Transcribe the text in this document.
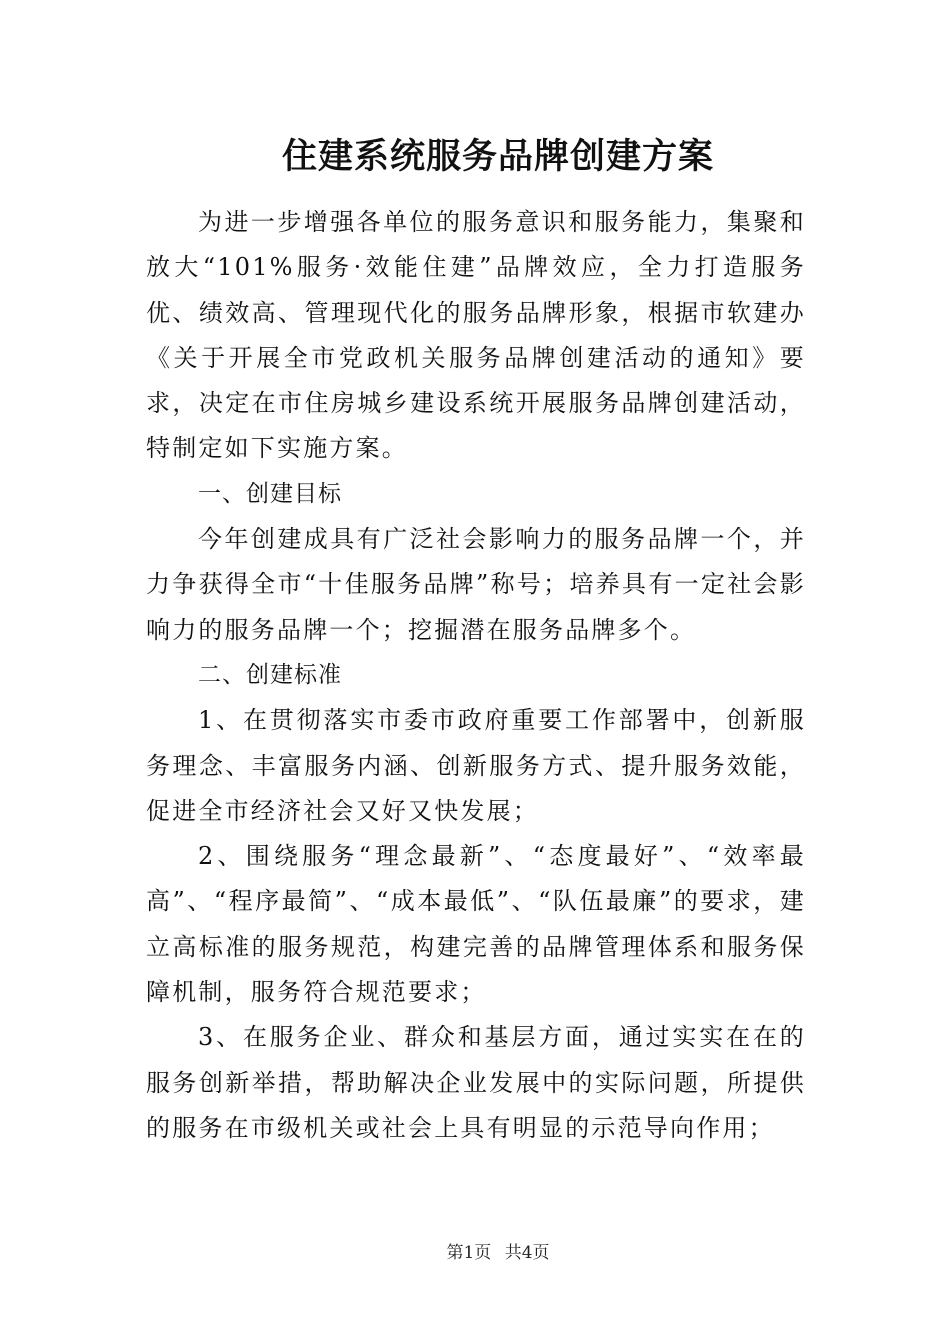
住建系统服务品牌创建方案

为进一步增强各单位的服务意识和服务能力，集聚和放大“101%服务·效能住建”品牌效应，全力打造服务优、绩效高、管理现代化的服务品牌形象，根据市软建办《关于开展全市党政机关服务品牌创建活动的通知》要求，决定在市住房城乡建设系统开展服务品牌创建活动，特制定如下实施方案。

一、创建目标

今年创建成具有广泛社会影响力的服务品牌一个，并力争获得全市“十佳服务品牌”称号；培养具有一定社会影响力的服务品牌一个；挖掘潜在服务品牌多个。

二、创建标准

1、在贯彻落实市委市政府重要工作部署中，创新服务理念、丰富服务内涵、创新服务方式、提升服务效能，促进全市经济社会又好又快发展；

2、围绕服务“理念最新”、“态度最好”、“效率最高”、“程序最简”、“成本最低”、“队伍最廉”的要求，建立高标准的服务规范，构建完善的品牌管理体系和服务保障机制，服务符合规范要求；

3、在服务企业、群众和基层方面，通过实实在在的服务创新举措，帮助解决企业发展中的实际问题，所提供的服务在市级机关或社会上具有明显的示范导向作用；

第1页 共4页
